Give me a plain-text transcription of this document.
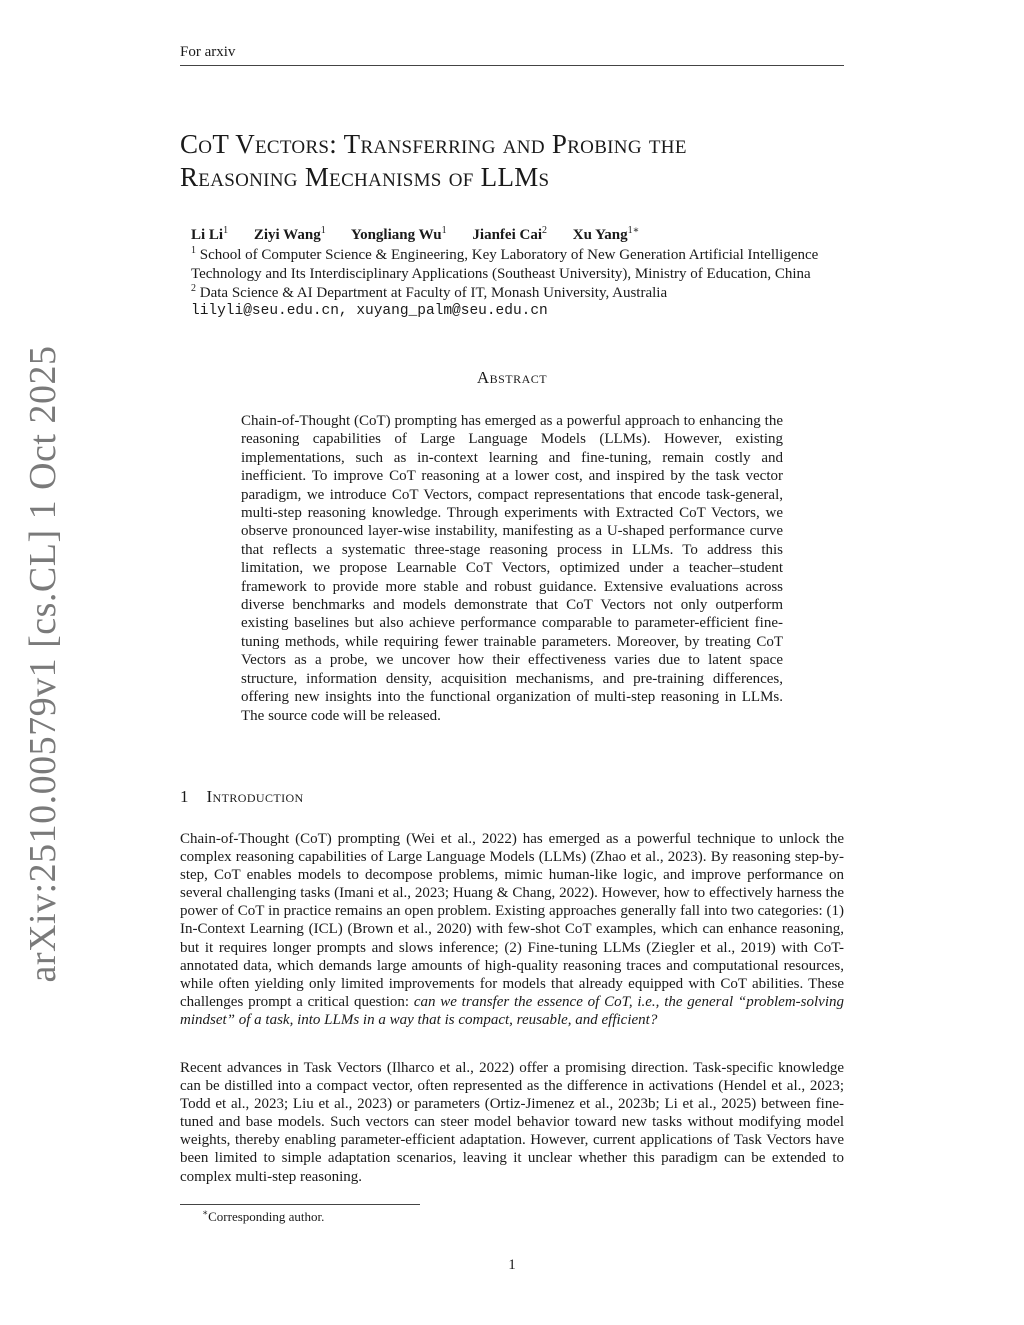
For arxiv
CoT Vectors: Transferring and Probing the
Reasoning Mechanisms of LLMs
Li Li$^1$ Ziyi Wang$^1$ Yongliang Wu$^1$ Jianfei Cai$^2$ Xu Yang$^{1∗}$
$^1$ School of Computer Science & Engineering, Key Laboratory of New Generation Artificial Intelligence
Technology and Its Interdisciplinary Applications (Southeast University), Ministry of Education, China
$^2$ Data Science & AI Department at Faculty of IT, Monash University, Australia
lilyli@seu.edu.cn, xuyang_palm@seu.edu.cn
Abstract
Chain-of-Thought (CoT) prompting has emerged as a powerful approach to enhancing the reasoning capabilities of Large Language Models (LLMs). However, existing implementations, such as in-context learning and fine-tuning, remain costly and inefficient. To improve CoT reasoning at a lower cost, and inspired by the task vector paradigm, we introduce CoT Vectors, compact representations that encode task-general, multi-step reasoning knowledge. Through experiments with Extracted CoT Vectors, we observe pronounced layer-wise instability, manifesting as a U-shaped performance curve that reflects a systematic three-stage reasoning process in LLMs. To address this limitation, we propose Learnable CoT Vectors, optimized under a teacher–student framework to provide more stable and robust guidance. Extensive evaluations across diverse benchmarks and models demonstrate that CoT Vectors not only outperform existing baselines but also achieve performance comparable to parameter-efficient fine-tuning methods, while requiring fewer trainable parameters. Moreover, by treating CoT Vectors as a probe, we uncover how their effectiveness varies due to latent space structure, information density, acquisition mechanisms, and pre-training differences, offering new insights into the functional organization of multi-step reasoning in LLMs. The source code will be released.
1 Introduction
Chain-of-Thought (CoT) prompting (Wei et al., 2022) has emerged as a powerful technique to unlock the complex reasoning capabilities of Large Language Models (LLMs) (Zhao et al., 2023). By reasoning step-by-step, CoT enables models to decompose problems, mimic human-like logic, and improve performance on several challenging tasks (Imani et al., 2023; Huang & Chang, 2022). However, how to effectively harness the power of CoT in practice remains an open problem. Existing approaches generally fall into two categories: (1) In-Context Learning (ICL) (Brown et al., 2020) with few-shot CoT examples, which can enhance reasoning, but it requires longer prompts and slows inference; (2) Fine-tuning LLMs (Ziegler et al., 2019) with CoT-annotated data, which demands large amounts of high-quality reasoning traces and computational resources, while often yielding only limited improvements for models that already equipped with CoT abilities. These challenges prompt a critical question: can we transfer the essence of CoT, i.e., the general “problem-solving mindset” of a task, into LLMs in a way that is compact, reusable, and efficient?
Recent advances in Task Vectors (Ilharco et al., 2022) offer a promising direction. Task-specific knowledge can be distilled into a compact vector, often represented as the difference in activations (Hendel et al., 2023; Todd et al., 2023; Liu et al., 2023) or parameters (Ortiz-Jimenez et al., 2023b; Li et al., 2025) between fine-tuned and base models. Such vectors can steer model behavior toward new tasks without modifying model weights, thereby enabling parameter-efficient adaptation. However, current applications of Task Vectors have been limited to simple adaptation scenarios, leaving it unclear whether this paradigm can be extended to complex multi-step reasoning.
∗Corresponding author.
1
arXiv:2510.00579v1 [cs.CL] 1 Oct 2025
